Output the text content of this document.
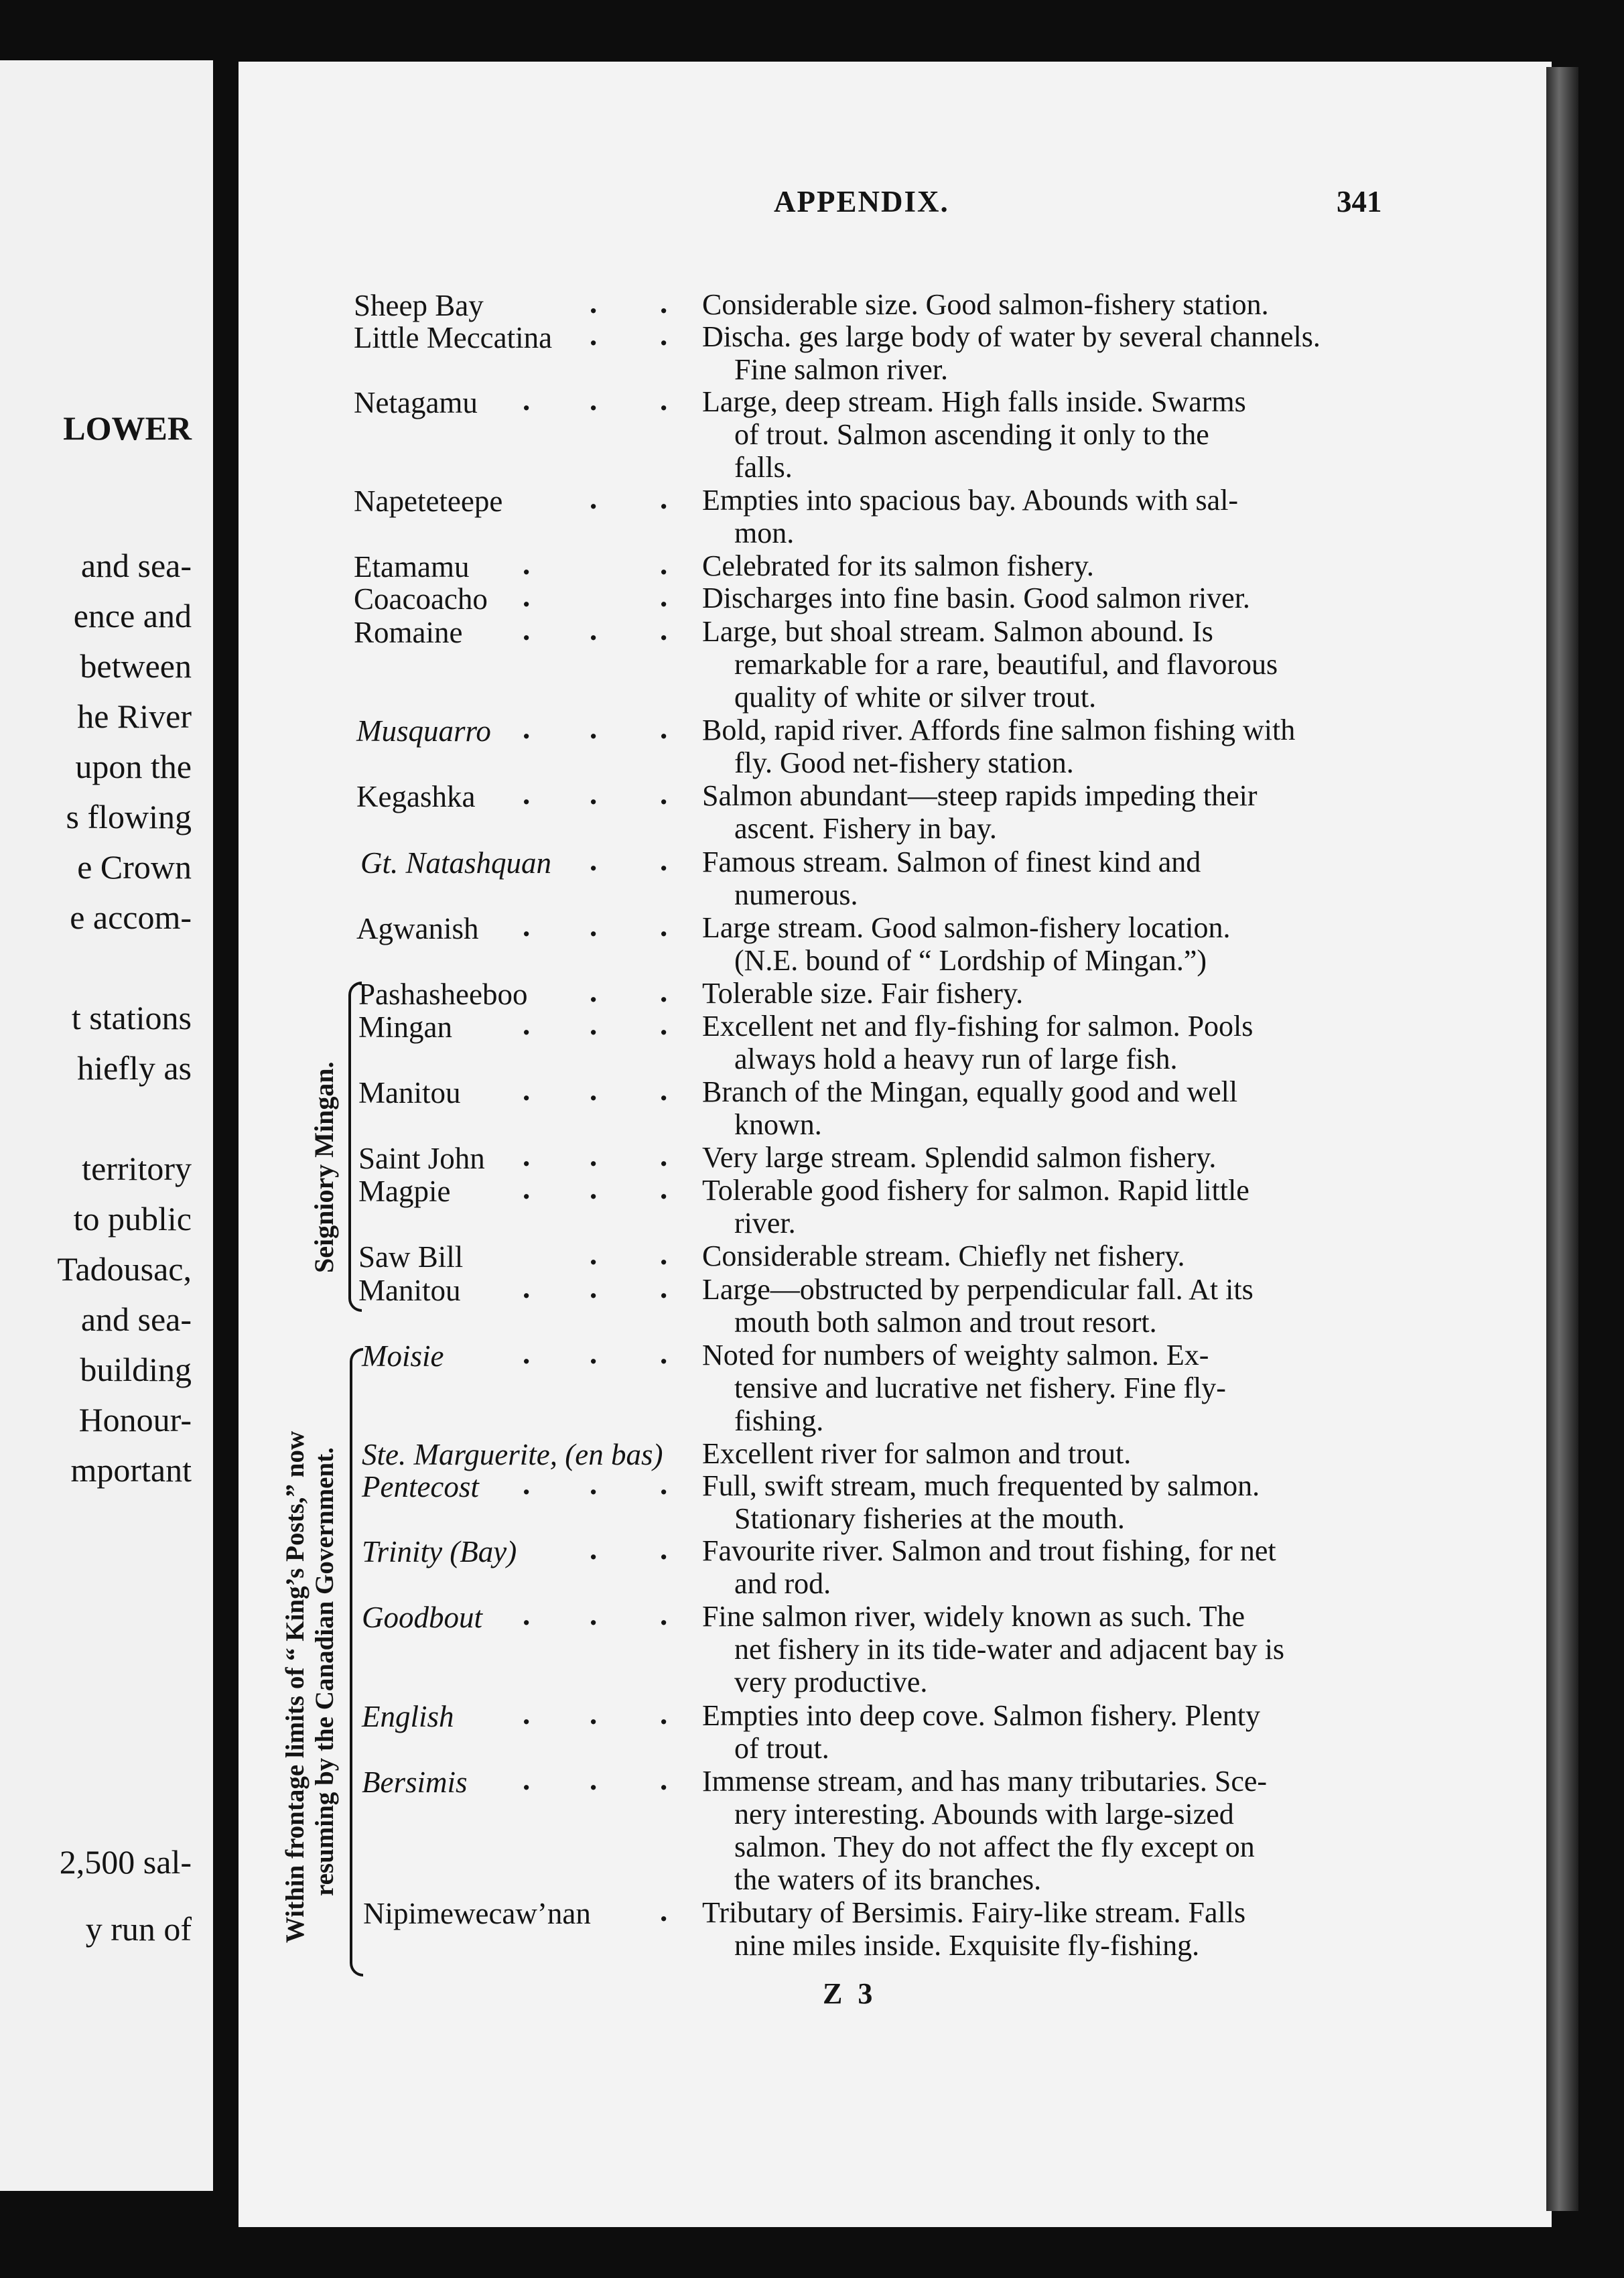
LOWER
and sea-
ence and
between
he River
upon the
s flowing
e Crown
e accom-
t stations
hiefly as
territory
to public
Tadousac,
and sea-
building
Honour-
mportant
2,500 sal-
y run of
APPENDIX.	341
Sheep Bay	. . Considerable size. Good salmon-fishery station.
Little Meccatina . . Discha. ges large body of water by several channels.
Fine salmon river.
Netagamu . . . Large, deep stream. High falls inside. Swarms
of trout. Salmon ascending it only to the
falls.
Napeteteepe	. . Empties into spacious bay. Abounds with sal-
mon.
Etamamu .	. Celebrated for its salmon fishery.
Coacoacho .	. Discharges into fine basin. Good salmon river.
Romaine . . . Large, but shoal stream. Salmon abound. Is
remarkable for a rare, beautiful, and flavorous
quality of white or silver trout.
Musquarro . . . Bold, rapid river. Affords fine salmon fishing with
fly. Good net-fishery station.
Kegashka . . . Salmon abundant—steep rapids impeding their
ascent. Fishery in bay.
Gt. Natashquan . . Famous stream. Salmon of finest kind and
numerous.
Agwanish . . . Large stream. Good salmon-fishery location.
(N.E. bound of “ Lordship of Mingan.”)
Pashasheeboo . . Tolerable size. Fair fishery.
Mingan . . . Excellent net and fly-fishing for salmon. Pools
always hold a heavy run of large fish.
Manitou . . . Branch of the Mingan, equally good and well
known.
Saint John . . . Very large stream. Splendid salmon fishery.
Magpie . . . Tolerable good fishery for salmon. Rapid little
river.
Saw Bill	. . Considerable stream. Chiefly net fishery.
Manitou . . . Large—obstructed by perpendicular fall. At its
mouth both salmon and trout resort.
Moisie	. . . Noted for numbers of weighty salmon. Ex-
tensive and lucrative net fishery. Fine fly-
fishing.
Ste. Marguerite, (en bas) Excellent river for salmon and trout.
Pentecost . . . Full, swift stream, much frequented by salmon.
Stationary fisheries at the mouth.
Trinity (Bay) . . Favourite river. Salmon and trout fishing, for net
and rod.
Goodbout . . . Fine salmon river, widely known as such. The
net fishery in its tide-water and adjacent bay is
very productive.
English . . . Empties into deep cove. Salmon fishery. Plenty
of trout.
Bersimis . . . Immense stream, and has many tributaries. Sce-
nery interesting. Abounds with large-sized
salmon. They do not affect the fly except on
the waters of its branches.
Nipimewecaw’nan . Tributary of Bersimis. Fairy-like stream. Falls
nine miles inside. Exquisite fly-fishing.
Seigniory Mingan.
Within frontage limits of “ King’s Posts,” now resuming by the Canadian Government.
Z 3
